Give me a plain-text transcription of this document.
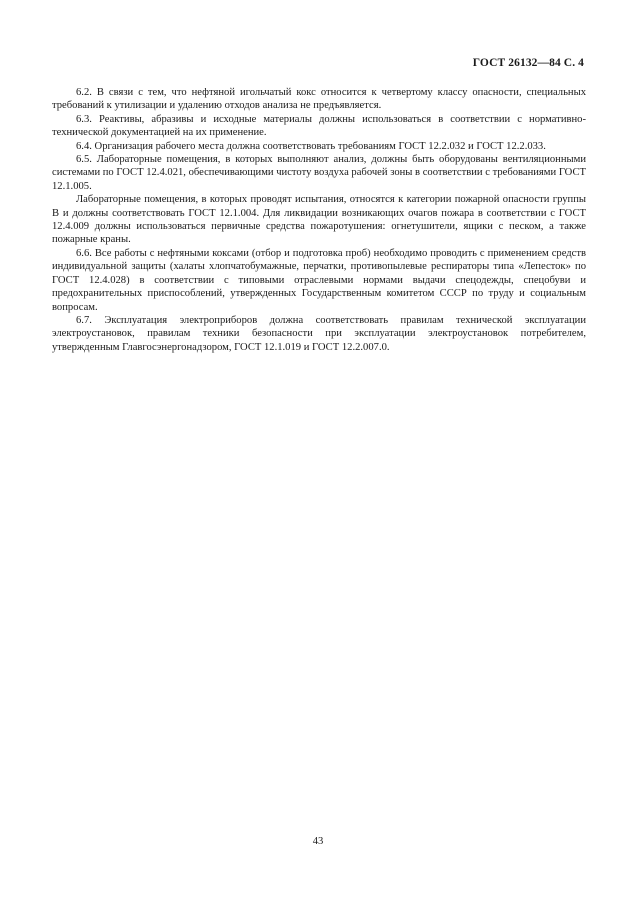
ГОСТ 26132—84 С. 4

6.2. В связи с тем, что нефтяной игольчатый кокс относится к четвертому классу опасности, специальных требований к утилизации и удалению отходов анализа не предъявляется.

6.3. Реактивы, абразивы и исходные материалы должны использоваться в соответствии с нормативно-технической документацией на их применение.

6.4. Организация рабочего места должна соответствовать требованиям ГОСТ 12.2.032 и ГОСТ 12.2.033.

6.5. Лабораторные помещения, в которых выполняют анализ, должны быть оборудованы вентиляционными системами по ГОСТ 12.4.021, обеспечивающими чистоту воздуха рабочей зоны в соответствии с требованиями ГОСТ 12.1.005.

Лабораторные помещения, в которых проводят испытания, относятся к категории пожарной опасности группы В и должны соответствовать ГОСТ 12.1.004. Для ликвидации возникающих очагов пожара в соответствии с ГОСТ 12.4.009 должны использоваться первичные средства пожаротушения: огнетушители, ящики с песком, а также пожарные краны.

6.6. Все работы с нефтяными коксами (отбор и подготовка проб) необходимо проводить с применением средств индивидуальной защиты (халаты хлопчатобумажные, перчатки, противопылевые респираторы типа «Лепесток» по ГОСТ 12.4.028) в соответствии с типовыми отраслевыми нормами выдачи спецодежды, спецобуви и предохранительных приспособлений, утвержденных Государственным комитетом СССР по труду и социальным вопросам.

6.7. Эксплуатация электроприборов должна соответствовать правилам технической эксплуатации электроустановок, правилам техники безопасности при эксплуатации электроустановок потребителем, утвержденным Главгосэнергонадзором, ГОСТ 12.1.019 и ГОСТ 12.2.007.0.

43
